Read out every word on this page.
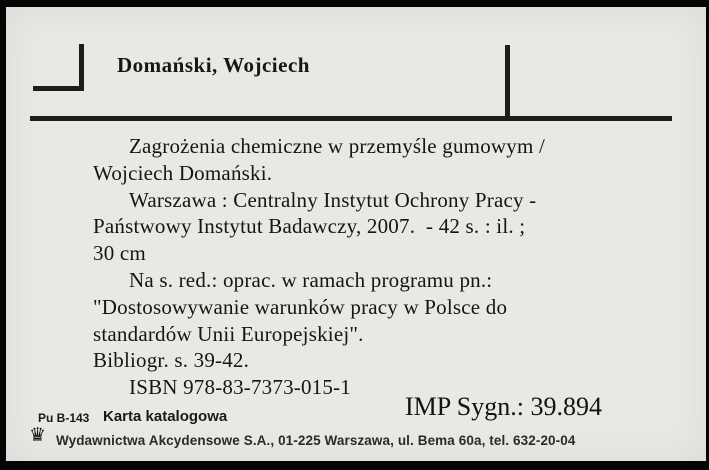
Domański, Wojciech
Zagrożenia chemiczne w przemyśle gumowym /
Wojciech Domański.
Warszawa : Centralny Instytut Ochrony Pracy -
Państwowy Instytut Badawczy, 2007.  - 42 s. : il. ;
30 cm
Na s. red.: oprac. w ramach programu pn.:
"Dostosowywanie warunków pracy w Polsce do
standardów Unii Europejskiej".
Bibliogr. s. 39-42.
ISBN 978-83-7373-015-1
Pu B-143 Karta katalogowa	IMP Sygn.: 39.894
♛ Wydawnictwa Akcydensowe S.A., 01-225 Warszawa, ul. Bema 60a, tel. 632-20-04
